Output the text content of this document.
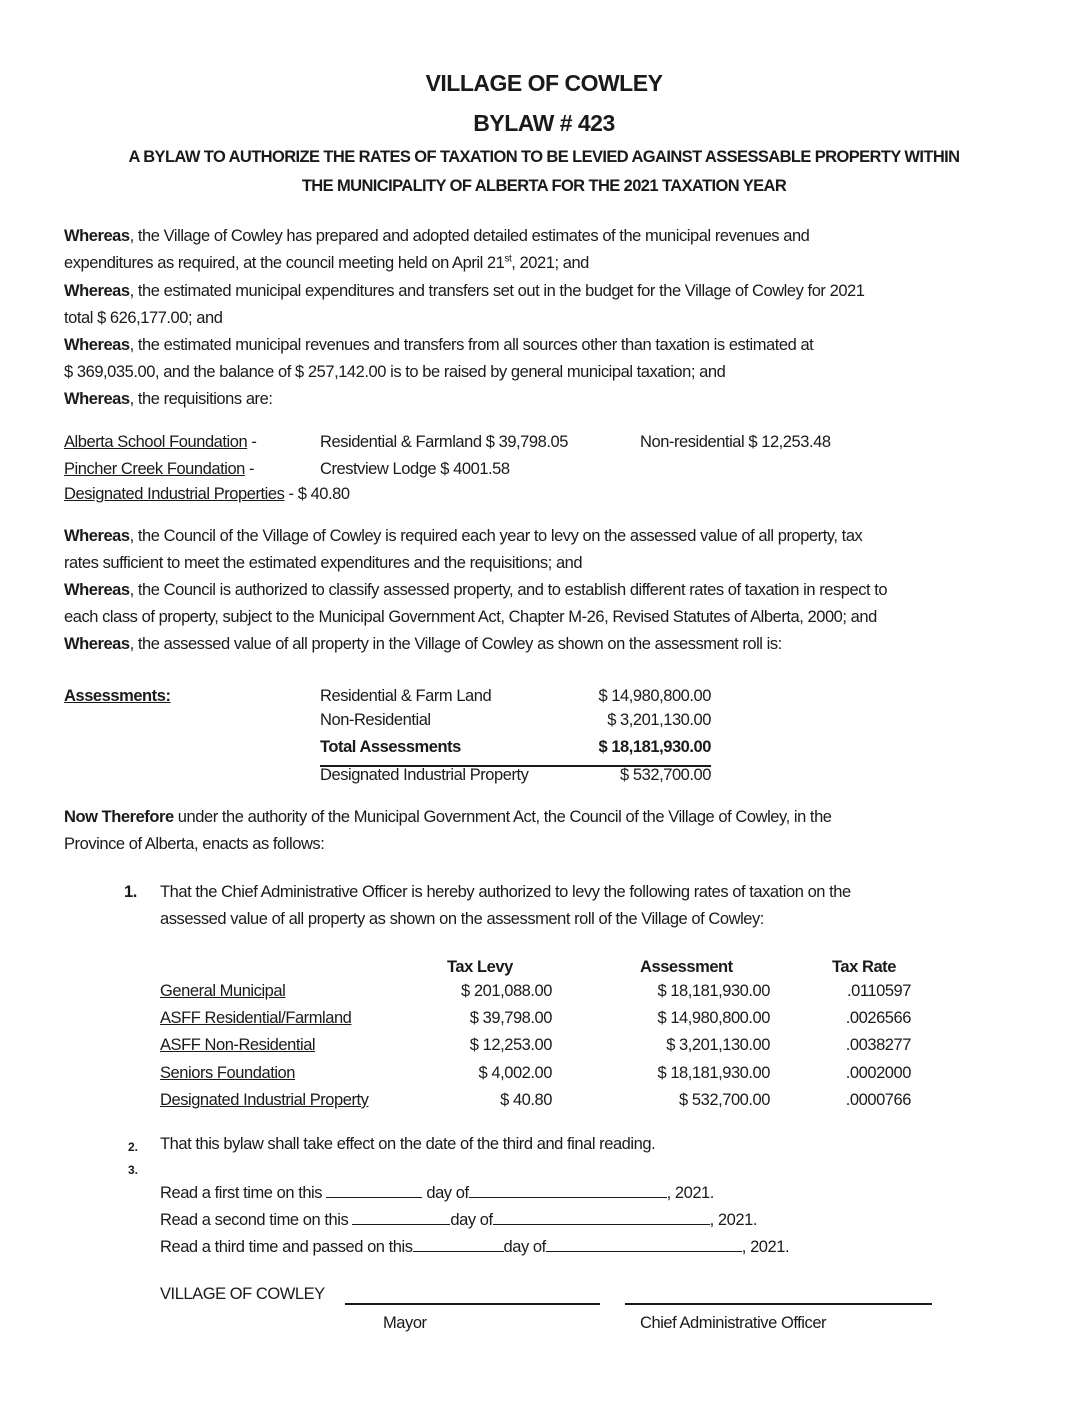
VILLAGE OF COWLEY
BYLAW # 423
A BYLAW TO AUTHORIZE THE RATES OF TAXATION TO BE LEVIED AGAINST ASSESSABLE PROPERTY WITHIN
THE MUNICIPALITY OF ALBERTA FOR THE 2021 TAXATION YEAR
Whereas, the Village of Cowley has prepared and adopted detailed estimates of the municipal revenues and
expenditures as required, at the council meeting held on April 21st, 2021; and
Whereas, the estimated municipal expenditures and transfers set out in the budget for the Village of Cowley for 2021
total $ 626,177.00; and
Whereas, the estimated municipal revenues and transfers from all sources other than taxation is estimated at
$ 369,035.00, and the balance of $ 257,142.00 is to be raised by general municipal taxation; and
Whereas, the requisitions are:
Alberta School Foundation -	Residential & Farmland $ 39,798.05	Non-residential $ 12,253.48
Pincher Creek Foundation -	Crestview Lodge $ 4001.58
Designated Industrial Properties - $ 40.80
Whereas, the Council of the Village of Cowley is required each year to levy on the assessed value of all property, tax
rates sufficient to meet the estimated expenditures and the requisitions; and
Whereas, the Council is authorized to classify assessed property, and to establish different rates of taxation in respect to
each class of property, subject to the Municipal Government Act, Chapter M-26, Revised Statutes of Alberta, 2000; and
Whereas, the assessed value of all property in the Village of Cowley as shown on the assessment roll is:
Assessments:	Residential & Farm Land	$ 14,980,800.00
Non-Residential	$ 3,201,130.00
Total Assessments	$ 18,181,930.00
Designated Industrial Property	$ 532,700.00
Now Therefore under the authority of the Municipal Government Act, the Council of the Village of Cowley, in the
Province of Alberta, enacts as follows:
1. That the Chief Administrative Officer is hereby authorized to levy the following rates of taxation on the
assessed value of all property as shown on the assessment roll of the Village of Cowley:
Tax Levy	Assessment	Tax Rate
General Municipal	$ 201,088.00	$ 18,181,930.00	.0110597
ASFF Residential/Farmland	$ 39,798.00	$ 14,980,800.00	.0026566
ASFF Non-Residential	$ 12,253.00	$ 3,201,130.00	.0038277
Seniors Foundation	$ 4,002.00	$ 18,181,930.00	.0002000
Designated Industrial Property	$ 40.80	$ 532,700.00	.0000766
2. That this bylaw shall take effect on the date of the third and final reading.
3.
Read a first time on this	day of	, 2021.
Read a second time on this	day of	, 2021.
Read a third time and passed on this	day of	, 2021.
VILLAGE OF COWLEY
Mayor	Chief Administrative Officer
